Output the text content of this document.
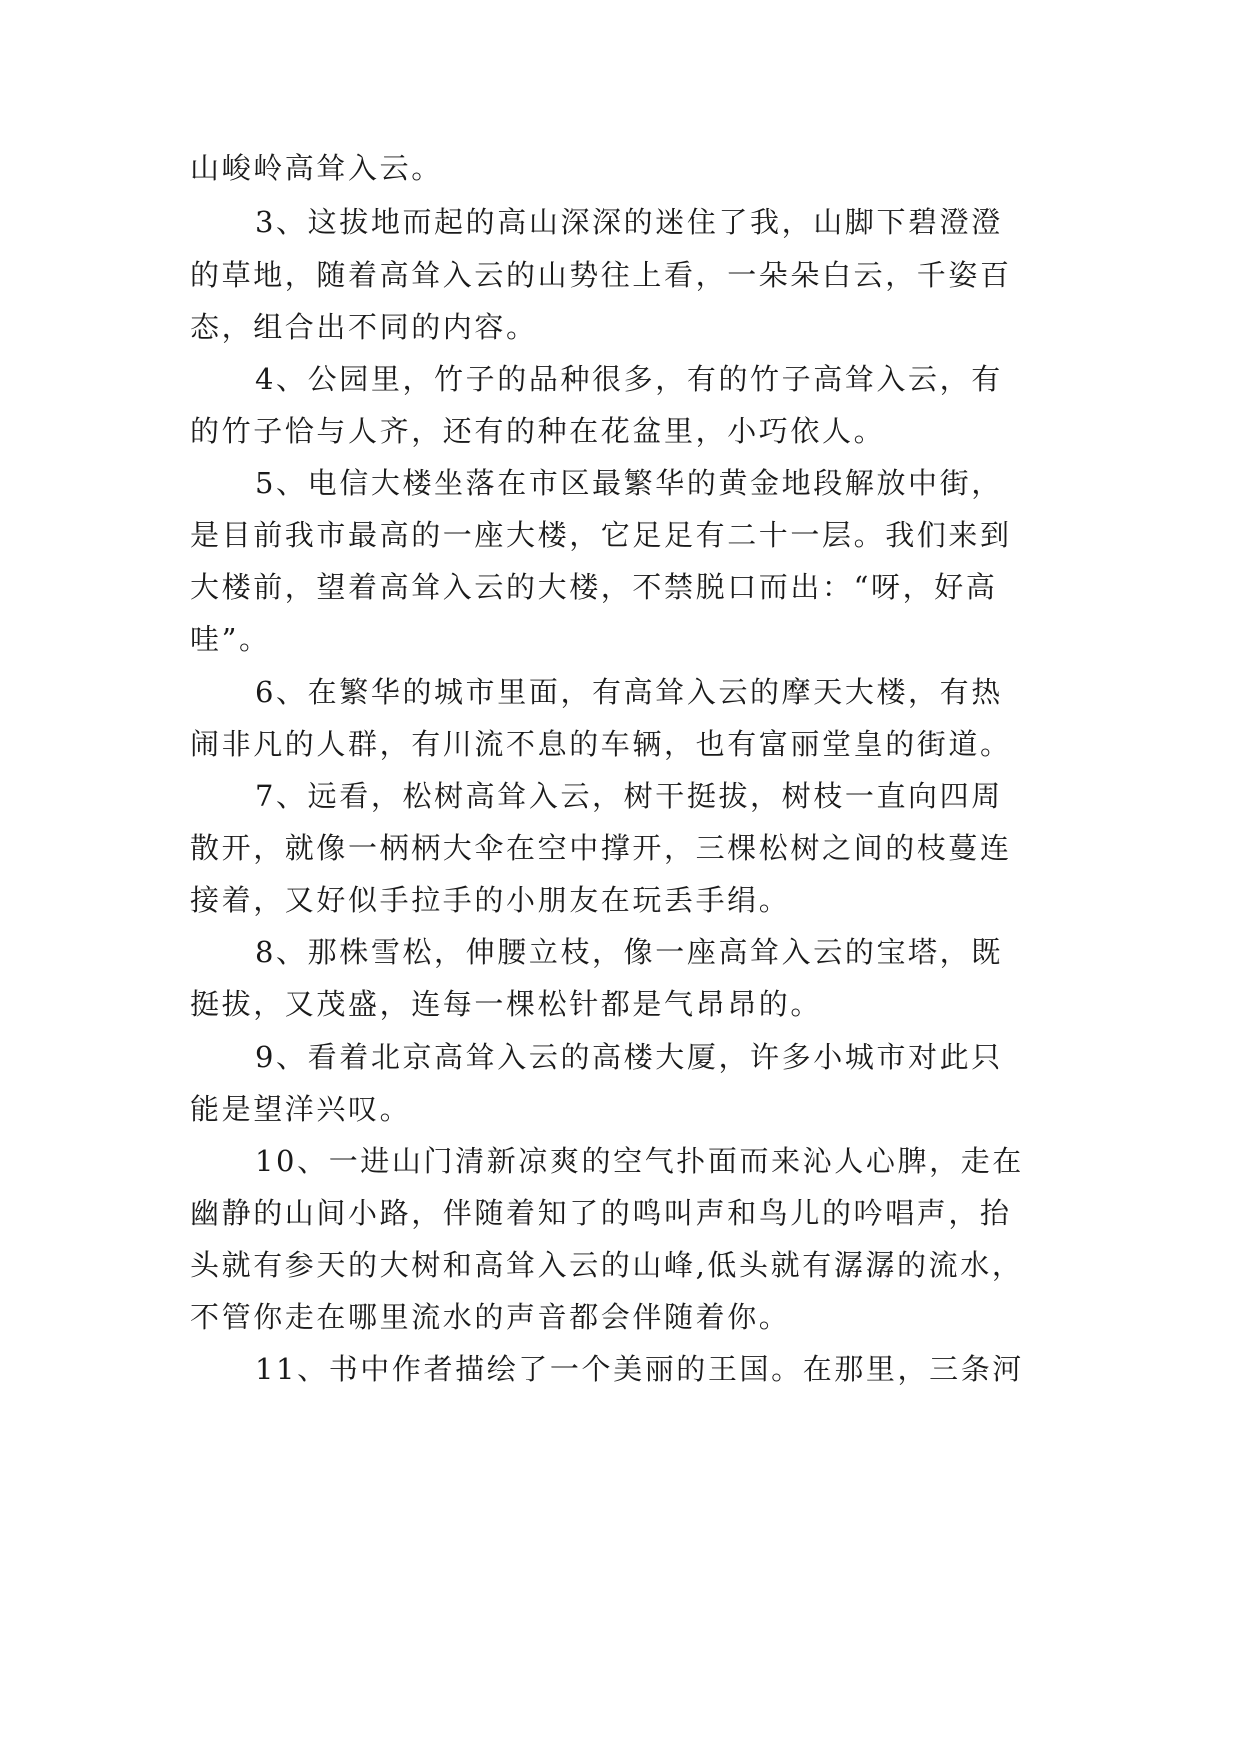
山峻岭高耸入云。
3、这拔地而起的高山深深的迷住了我，山脚下碧澄澄
的草地，随着高耸入云的山势往上看，一朵朵白云，千姿百
态，组合出不同的内容。
4、公园里，竹子的品种很多，有的竹子高耸入云，有
的竹子恰与人齐，还有的种在花盆里，小巧依人。
5、电信大楼坐落在市区最繁华的黄金地段解放中街，
是目前我市最高的一座大楼，它足足有二十一层。我们来到
大楼前，望着高耸入云的大楼，不禁脱口而出：“呀，好高
哇”。
6、在繁华的城市里面，有高耸入云的摩天大楼，有热
闹非凡的人群，有川流不息的车辆，也有富丽堂皇的街道。
7、远看，松树高耸入云，树干挺拔，树枝一直向四周
散开，就像一柄柄大伞在空中撑开，三棵松树之间的枝蔓连
接着，又好似手拉手的小朋友在玩丢手绢。
8、那株雪松，伸腰立枝，像一座高耸入云的宝塔，既
挺拔，又茂盛，连每一棵松针都是气昂昂的。
9、看着北京高耸入云的高楼大厦，许多小城市对此只
能是望洋兴叹。
10、一进山门清新凉爽的空气扑面而来沁人心脾，走在
幽静的山间小路，伴随着知了的鸣叫声和鸟儿的吟唱声，抬
头就有参天的大树和高耸入云的山峰,低头就有潺潺的流水，
不管你走在哪里流水的声音都会伴随着你。
11、书中作者描绘了一个美丽的王国。在那里，三条河
